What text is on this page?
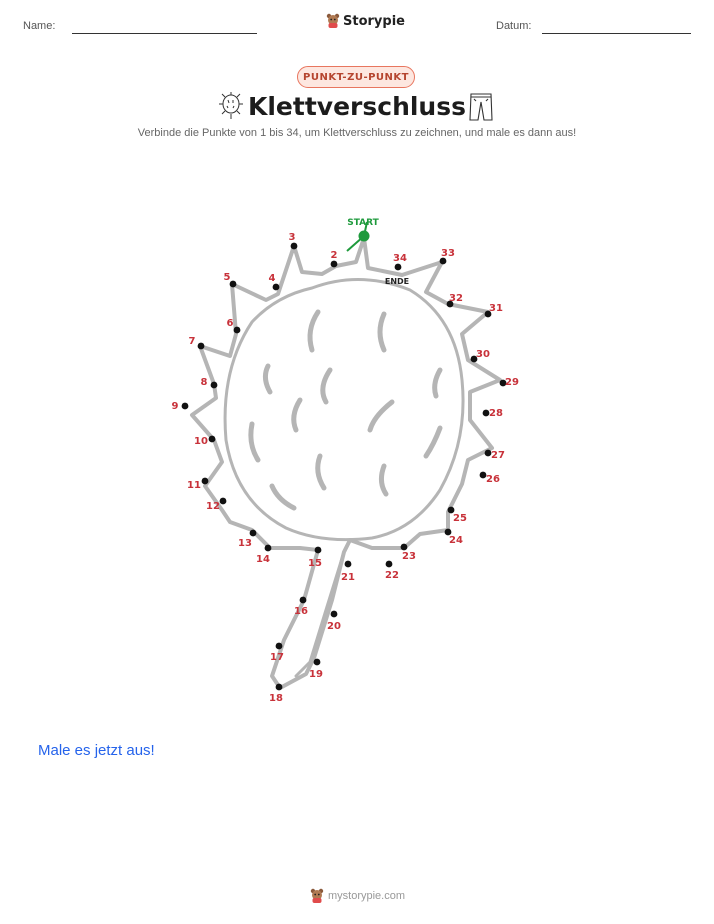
Name:	Storypie	Datum:
PUNKT-ZU-PUNKT
Klettverschluss
Verbinde die Punkte von 1 bis 34, um Klettverschluss zu zeichnen, und male es dann aus!
2
3
4
5
6
7
8
9
10
11
12
13
14	15
16
17
18
19
20
21	22
23
24
25
26
27
28
29
30
31
32
33
34
START
ENDE
Male es jetzt aus!
mystorypie.com
